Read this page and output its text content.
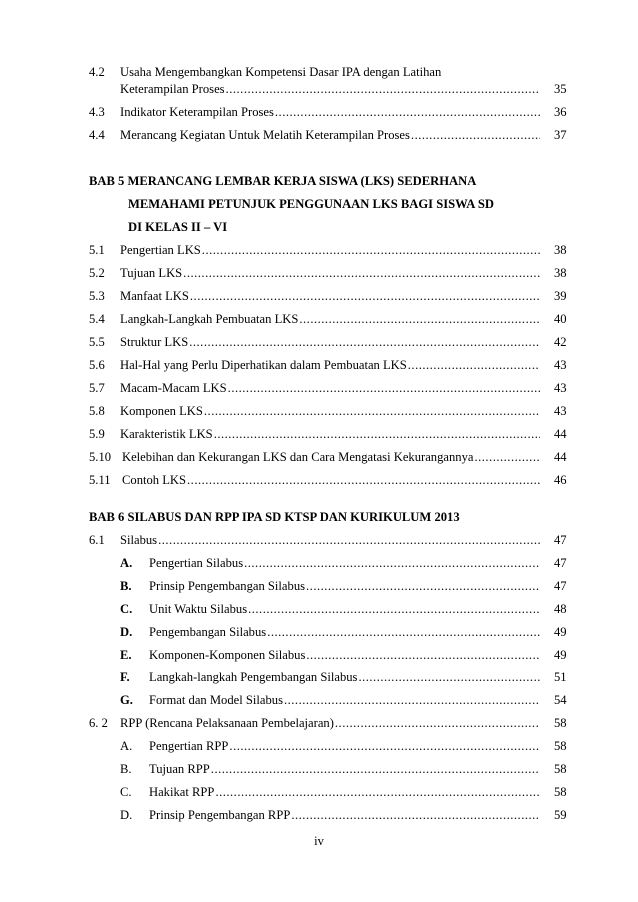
4.2 Usaha Mengembangkan Kompetensi Dasar IPA dengan Latihan
Keterampilan Proses .....	35
4.3 Indikator Keterampilan Proses .....	36
4.4 Merancang Kegiatan Untuk Melatih Keterampilan Proses .....	37
BAB 5 MERANCANG LEMBAR KERJA SISWA (LKS) SEDERHANA
MEMAHAMI PETUNJUK PENGGUNAAN LKS BAGI SISWA SD
DI KELAS II – VI
5.1 Pengertian LKS .....	38
5.2 Tujuan LKS .....	38
5.3 Manfaat LKS .....	39
5.4 Langkah-Langkah Pembuatan LKS .....	40
5.5 Struktur LKS .....	42
5.6 Hal-Hal yang Perlu Diperhatikan dalam Pembuatan LKS .....	43
5.7 Macam-Macam LKS .....	43
5.8 Komponen LKS .....	43
5.9 Karakteristik LKS .....	44
5.10 Kelebihan dan Kekurangan LKS dan Cara Mengatasi Kekurangannya .....	44
5.11 Contoh LKS .....	46
BAB 6 SILABUS DAN RPP IPA SD KTSP DAN KURIKULUM 2013
6.1 Silabus .....	47
A. Pengertian Silabus .....	47
B. Prinsip Pengembangan Silabus .....	47
C. Unit Waktu Silabus .....	48
D. Pengembangan Silabus .....	49
E. Komponen-Komponen Silabus .....	49
F. Langkah-langkah Pengembangan Silabus .....	51
G. Format dan Model Silabus .....	54
6. 2 RPP (Rencana Pelaksanaan Pembelajaran) .....	58
A. Pengertian RPP .....	58
B. Tujuan RPP .....	58
C. Hakikat RPP .....	58
D. Prinsip Pengembangan RPP .....	59
iv
